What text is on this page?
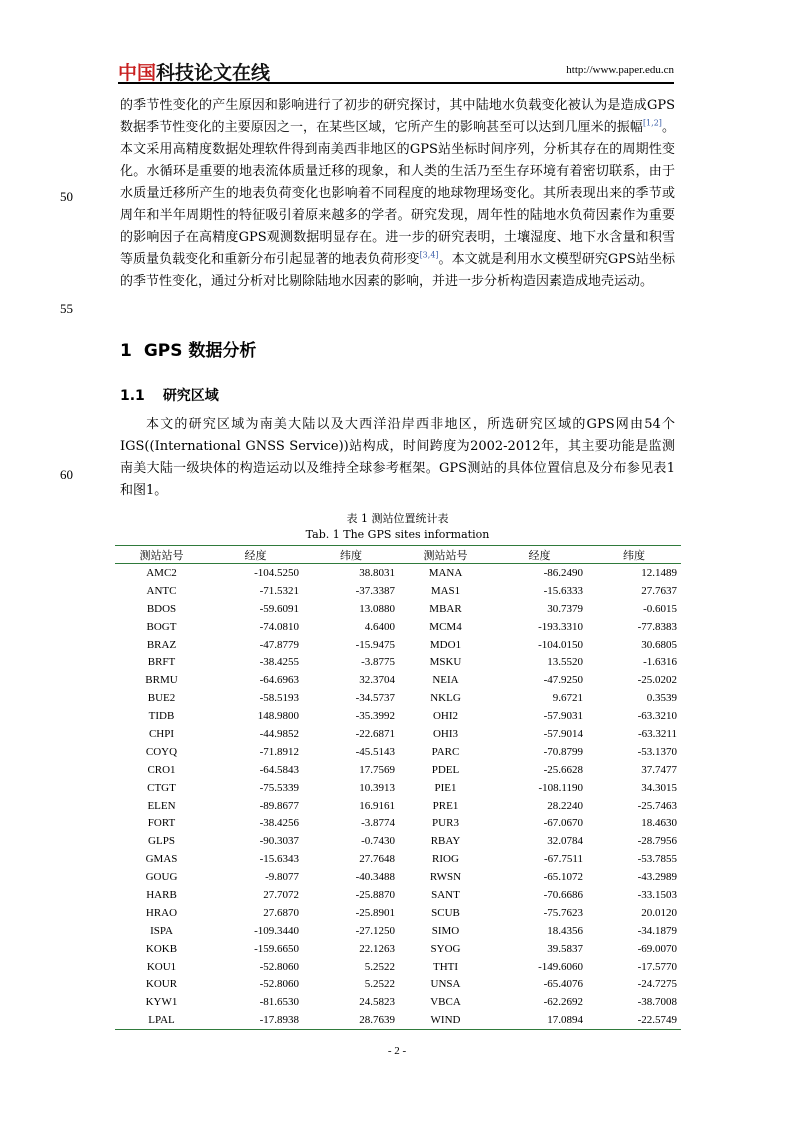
中国科技论文在线	http://www.paper.edu.cn
50
55
60

的季节性变化的产生原因和影响进行了初步的研究探讨，其中陆地水负载变化被认为是造成GPS数据季节性变化的主要原因之一，在某些区域，它所产生的影响甚至可以达到几厘米的振幅[1,2]。本文采用高精度数据处理软件得到南美西非地区的GPS站坐标时间序列，分析其存在的周期性变化。水循环是重要的地表流体质量迁移的现象，和人类的生活乃至生存环境有着密切联系，由于水质量迁移所产生的地表负荷变化也影响着不同程度的地球物理场变化。其所表现出来的季节或周年和半年周期性的特征吸引着原来越多的学者。研究发现，周年性的陆地水负荷因素作为重要的影响因子在高精度GPS观测数据明显存在。进一步的研究表明，土壤湿度、地下水含量和积雪等质量负载变化和重新分布引起显著的地表负荷形变[3,4]。本文就是利用水文模型研究GPS站坐标的季节性变化，通过分析对比剔除陆地水因素的影响，并进一步分析构造因素造成地壳运动。

1 GPS 数据分析
1.1 研究区域

本文的研究区域为南美大陆以及大西洋沿岸西非地区，所选研究区域的GPS网由54个IGS((International GNSS Service))站构成，时间跨度为2002-2012年，其主要功能是监测南美大陆一级块体的构造运动以及维持全球参考框架。GPS测站的具体位置信息及分布参见表1和图1。

表 1 测站位置统计表
Tab. 1 The GPS sites information
测站站号	经度	纬度	测站站号	经度	纬度
AMC2	-104.5250	38.8031	MANA	-86.2490	12.1489
ANTC	-71.5321	-37.3387	MAS1	-15.6333	27.7637
BDOS	-59.6091	13.0880	MBAR	30.7379	-0.6015
BOGT	-74.0810	4.6400	MCM4	-193.3310	-77.8383
BRAZ	-47.8779	-15.9475	MDO1	-104.0150	30.6805
BRFT	-38.4255	-3.8775	MSKU	13.5520	-1.6316
BRMU	-64.6963	32.3704	NEIA	-47.9250	-25.0202
BUE2	-58.5193	-34.5737	NKLG	9.6721	0.3539
TIDB	148.9800	-35.3992	OHI2	-57.9031	-63.3210
CHPI	-44.9852	-22.6871	OHI3	-57.9014	-63.3211
COYQ	-71.8912	-45.5143	PARC	-70.8799	-53.1370
CRO1	-64.5843	17.7569	PDEL	-25.6628	37.7477
CTGT	-75.5339	10.3913	PIE1	-108.1190	34.3015
ELEN	-89.8677	16.9161	PRE1	28.2240	-25.7463
FORT	-38.4256	-3.8774	PUR3	-67.0670	18.4630
GLPS	-90.3037	-0.7430	RBAY	32.0784	-28.7956
GMAS	-15.6343	27.7648	RIOG	-67.7511	-53.7855
GOUG	-9.8077	-40.3488	RWSN	-65.1072	-43.2989
HARB	27.7072	-25.8870	SANT	-70.6686	-33.1503
HRAO	27.6870	-25.8901	SCUB	-75.7623	20.0120
ISPA	-109.3440	-27.1250	SIMO	18.4356	-34.1879
KOKB	-159.6650	22.1263	SYOG	39.5837	-69.0070
KOU1	-52.8060	5.2522	THTI	-149.6060	-17.5770
KOUR	-52.8060	5.2522	UNSA	-65.4076	-24.7275
KYW1	-81.6530	24.5823	VBCA	-62.2692	-38.7008
LPAL	-17.8938	28.7639	WIND	17.0894	-22.5749
- 2 -
